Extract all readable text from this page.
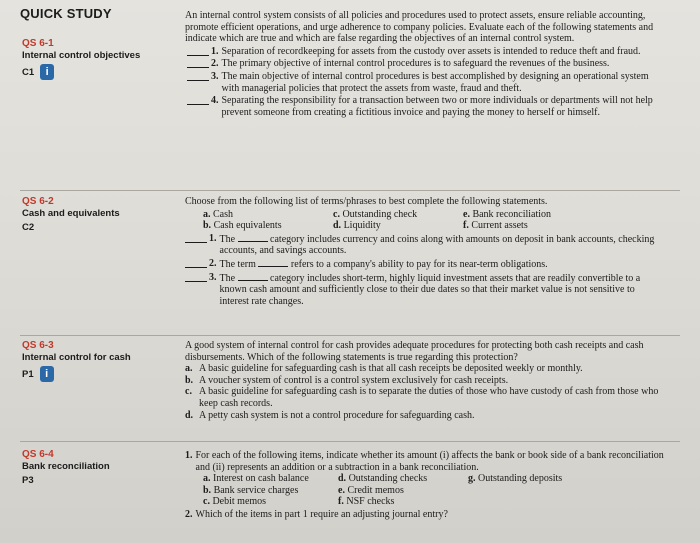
QUICK STUDY
QS 6-1
Internal control objectives
C1	i

An internal control system consists of all policies and procedures used to protect assets, ensure reliable accounting, promote efficient operations, and urge adherence to company policies. Evaluate each of the following statements and indicate which are true and which are false regarding the objectives of an internal control system.

1. Separation of recordkeeping for assets from the custody over assets is intended to reduce theft and fraud.
2. The primary objective of internal control procedures is to safeguard the revenues of the business.
3. The main objective of internal control procedures is best accomplished by designing an operational system with managerial policies that protect the assets from waste, fraud and theft.
4. Separating the responsibility for a transaction between two or more individuals or departments will not help prevent someone from creating a fictitious invoice and paying the money to herself or himself.
QS 6-2
Cash and equivalents
C2

Choose from the following list of terms/phrases to best complete the following statements.

a. Cash	c. Outstanding check	e. Bank reconciliation
b. Cash equivalents	d. Liquidity	f. Current assets
1. The	category includes currency and coins along with amounts on deposit in bank accounts, checking accounts, and savings accounts.
2. The term	refers to a company's ability to pay for its near-term obligations.
3. The	category includes short-term, highly liquid investment assets that are readily convertible to a known cash amount and sufficiently close to their due dates so that their market value is not sensitive to interest rate changes.
QS 6-3
Internal control for cash
P1	i

A good system of internal control for cash provides adequate procedures for protecting both cash receipts and cash disbursements. Which of the following statements is true regarding this protection?

a. A basic guideline for safeguarding cash is that all cash receipts be deposited weekly or monthly.
b. A voucher system of control is a control system exclusively for cash receipts.
c. A basic guideline for safeguarding cash is to separate the duties of those who have custody of cash from those who keep cash records.
d. A petty cash system is not a control procedure for safeguarding cash.
QS 6-4
Bank reconciliation
P3
1. For each of the following items, indicate whether its amount (i) affects the bank or book side of a bank reconciliation and (ii) represents an addition or a subtraction in a bank reconciliation.
a. Interest on cash balance	d. Outstanding checks	g. Outstanding deposits
b. Bank service charges	e. Credit memos
c. Debit memos	f. NSF checks
2. Which of the items in part 1 require an adjusting journal entry?
